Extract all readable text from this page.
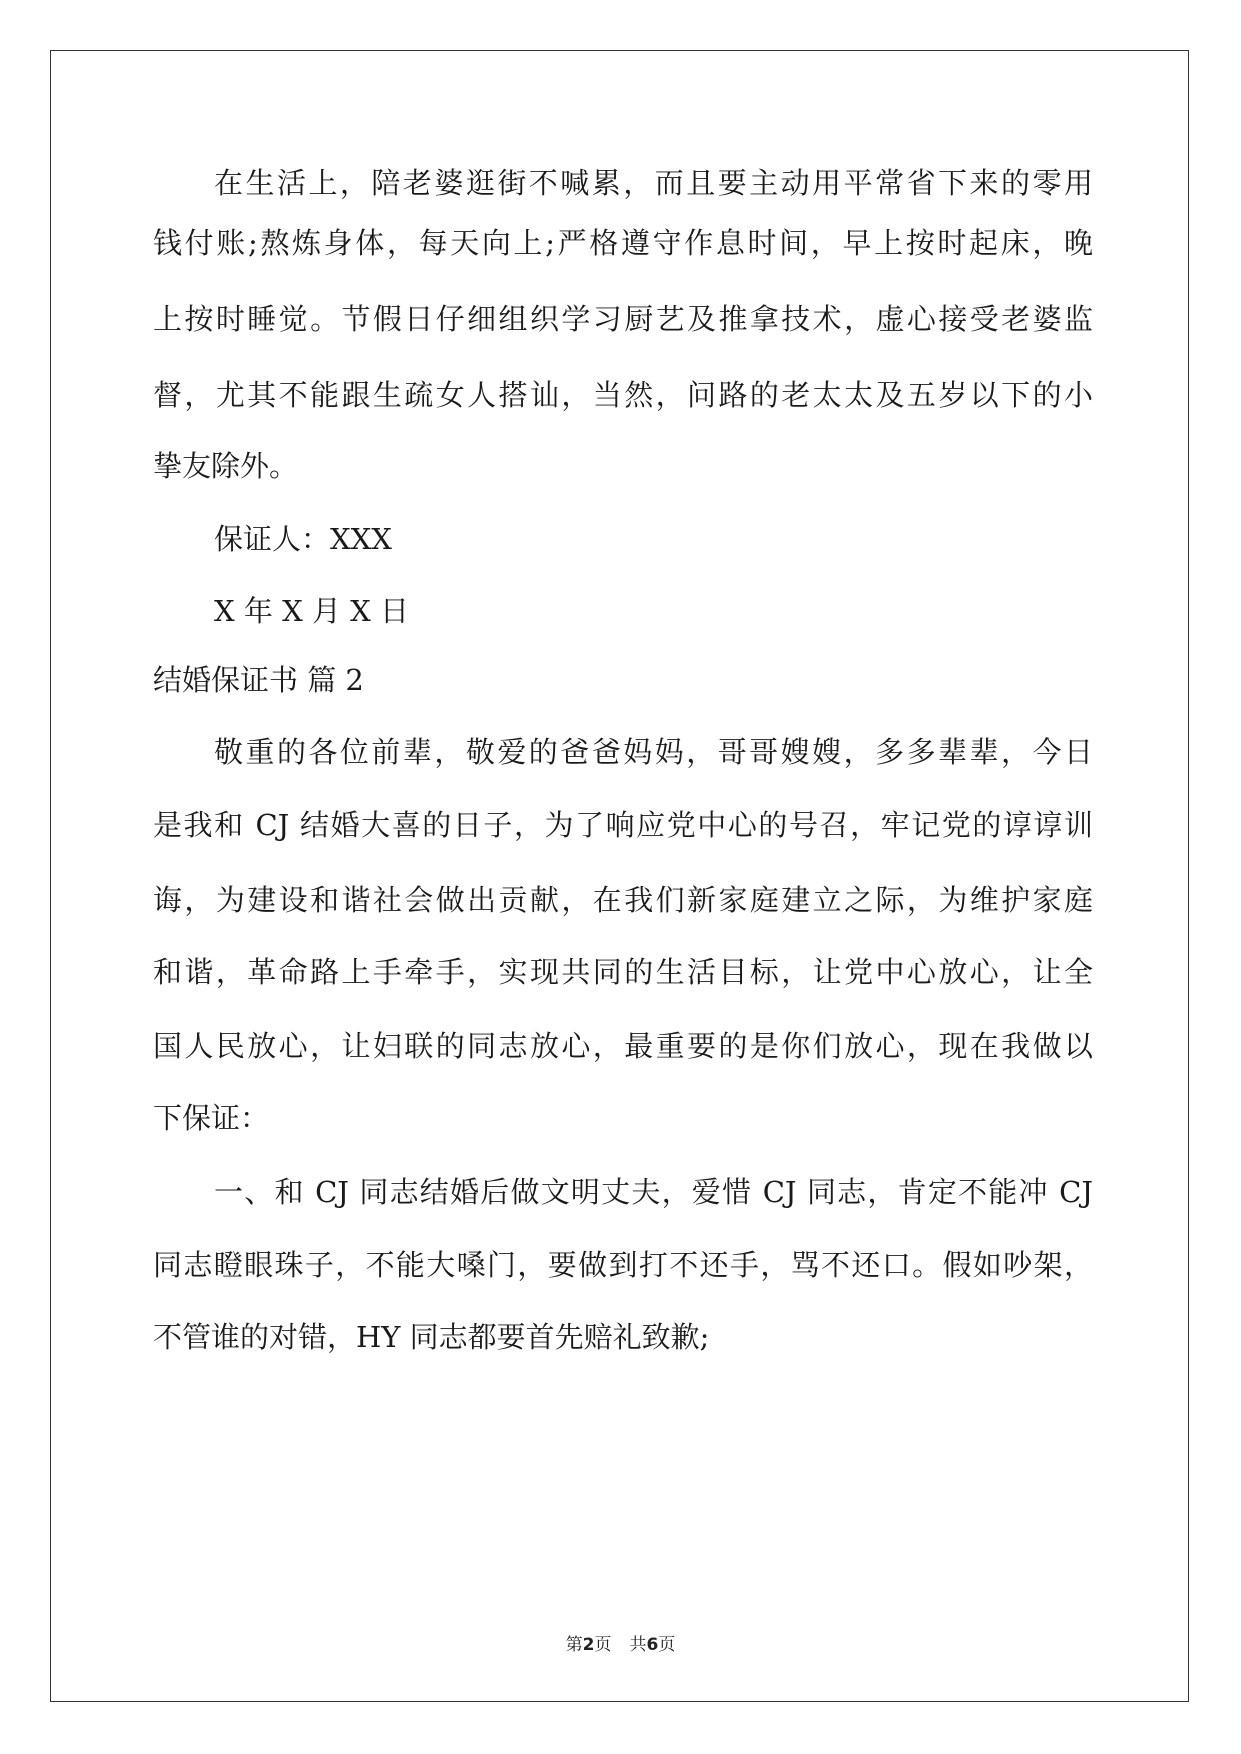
在生活上，陪老婆逛街不喊累，而且要主动用平常省下来的零用
钱付账;熬炼身体，每天向上;严格遵守作息时间，早上按时起床，晚
上按时睡觉。节假日仔细组织学习厨艺及推拿技术，虚心接受老婆监
督，尤其不能跟生疏女人搭讪，当然，问路的老太太及五岁以下的小
挚友除外。
保证人：XXX
X 年 X 月 X 日
结婚保证书 篇 2
敬重的各位前辈，敬爱的爸爸妈妈，哥哥嫂嫂，多多辈辈，今日
是我和 CJ 结婚大喜的日子，为了响应党中心的号召，牢记党的谆谆训
诲，为建设和谐社会做出贡献，在我们新家庭建立之际，为维护家庭
和谐，革命路上手牵手，实现共同的生活目标，让党中心放心，让全
国人民放心，让妇联的同志放心，最重要的是你们放心，现在我做以
下保证：
一、和 CJ 同志结婚后做文明丈夫，爱惜 CJ 同志，肯定不能冲 CJ
同志瞪眼珠子，不能大嗓门，要做到打不还手，骂不还口。假如吵架，
不管谁的对错，HY 同志都要首先赔礼致歉;
第2页 共6页
